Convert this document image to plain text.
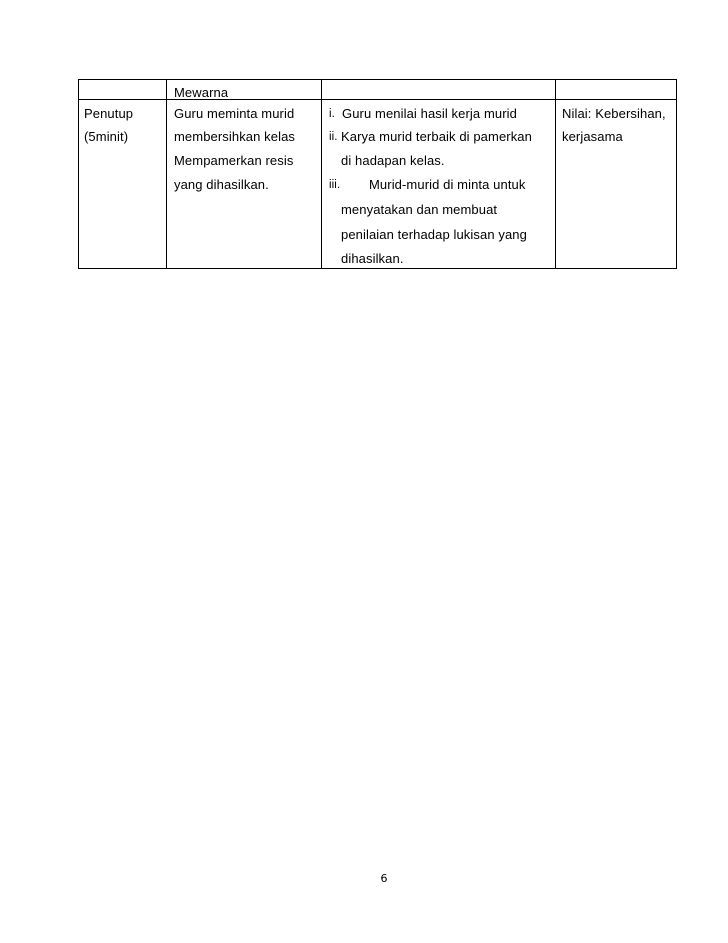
Mewarna
Penutup
(5minit)
Guru meminta murid
membersihkan kelas
Mempamerkan resis
yang dihasilkan.
i. Guru menilai hasil kerja murid
ii. Karya murid terbaik di pamerkan
di hadapan kelas.
iii. Murid-murid di minta untuk
menyatakan dan membuat
penilaian terhadap lukisan yang
dihasilkan.
Nilai: Kebersihan,
kerjasama
6
